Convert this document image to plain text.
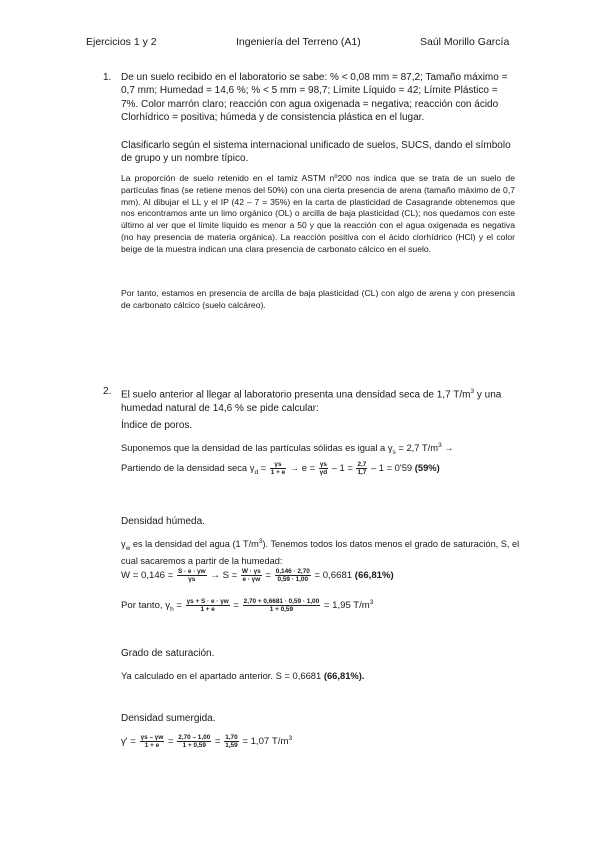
Ejercicios 1 y 2	Ingeniería del Terreno (A1)	Saúl Morillo García
1. De un suelo recibido en el laboratorio se sabe: % < 0,08 mm = 87,2; Tamaño máximo = 0,7 mm; Humedad = 14,6 %; % < 5 mm = 98,7; Límite Líquido = 42; Límite Plástico = 7%. Color marrón claro; reacción con agua oxigenada = negativa; reacción con ácido Clorhídrico = positiva; húmeda y de consistencia plástica en el lugar.
Clasificarlo según el sistema internacional unificado de suelos, SUCS, dando el símbolo de grupo y un nombre típico.
La proporción de suelo retenido en el tamiz ASTM nº200 nos indica que se trata de un suelo de partículas finas (se retiene menos del 50%) con una cierta presencia de arena (tamaño máximo de 0,7 mm). Al dibujar el LL y el IP (42 – 7 = 35%) en la carta de plasticidad de Casagrande obtenemos que nos encontramos ante un limo orgánico (OL) o arcilla de baja plasticidad (CL); nos quedamos con este último al ver que el límite líquido es menor a 50 y que la reacción con el agua oxigenada es negativa (no hay presencia de materia orgánica). La reacción positiva con el ácido clorhídrico (HCl) y el color beige de la muestra indican una clara presencia de carbonato cálcico en el suelo.
Por tanto, estamos en presencia de arcilla de baja plasticidad (CL) con algo de arena y con presencia de carbonato cálcico (suelo calcáreo).
2. El suelo anterior al llegar al laboratorio presenta una densidad seca de 1,7 $T/m^3$ y una humedad natural de 14,6 % se pide calcular:
Índice de poros.
Suponemos que la densidad de las partículas sólidas es igual a $\gamma_s = 2,7$ $T/m^3$ →
Partiendo de la densidad seca $\gamma_d = \frac{\gamma s}{1 + e} \to e = \frac{\gamma s}{\gamma d} - 1 = \frac{2,7}{1,7} - 1 = 0'59$ (59%)
Densidad húmeda.
$\gamma_w$ es la densidad del agua (1 $T/m^3$). Tenemos todos los datos menos el grado de saturación, S, el cual sacaremos a partir de la humedad:
$W = 0,146 = \frac{S \cdot e \cdot \gamma w}{\gamma s} \to S = \frac{W \cdot \gamma s}{e \cdot \gamma w} = \frac{0,146 \cdot 2,70}{0,59 \cdot 1,00} = 0,6681$ (66,81%)
Por tanto, $\gamma_h = \frac{\gamma s + S \cdot e \cdot \gamma w}{1 + e} = \frac{2,70 + 0,6681 \cdot 0,59 \cdot 1,00}{1 + 0,59} = 1,95$ $T/m^3$
Grado de saturación.
Ya calculado en el apartado anterior. S = 0,6681 (66,81%).
Densidad sumergida.
$\gamma' = \frac{\gamma s - \gamma w}{1 + e} = \frac{2,70 - 1,00}{1 + 0,59} = \frac{1,70}{1,59} = 1,07$ $T/m^3$
